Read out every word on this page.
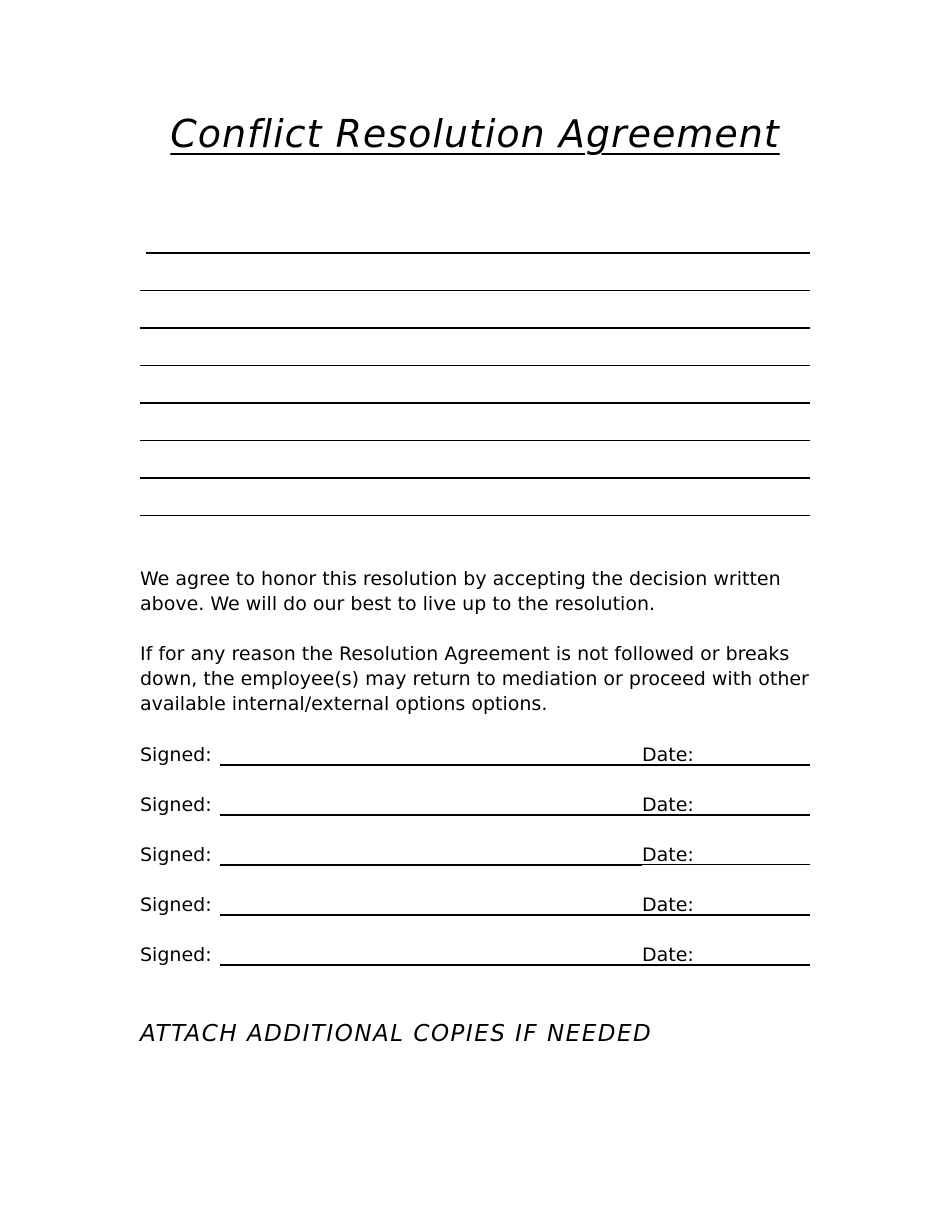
Conflict Resolution Agreement

We agree to honor this resolution by accepting the decision written above. We will do our best to live up to the resolution.

If for any reason the Resolution Agreement is not followed or breaks down, the employee(s) may return to mediation or proceed with other available internal/external options options.

Signed:	Date:
Signed:	Date:
Signed:	Date:
Signed:	Date:
Signed:	Date:

ATTACH ADDITIONAL COPIES IF NEEDED
